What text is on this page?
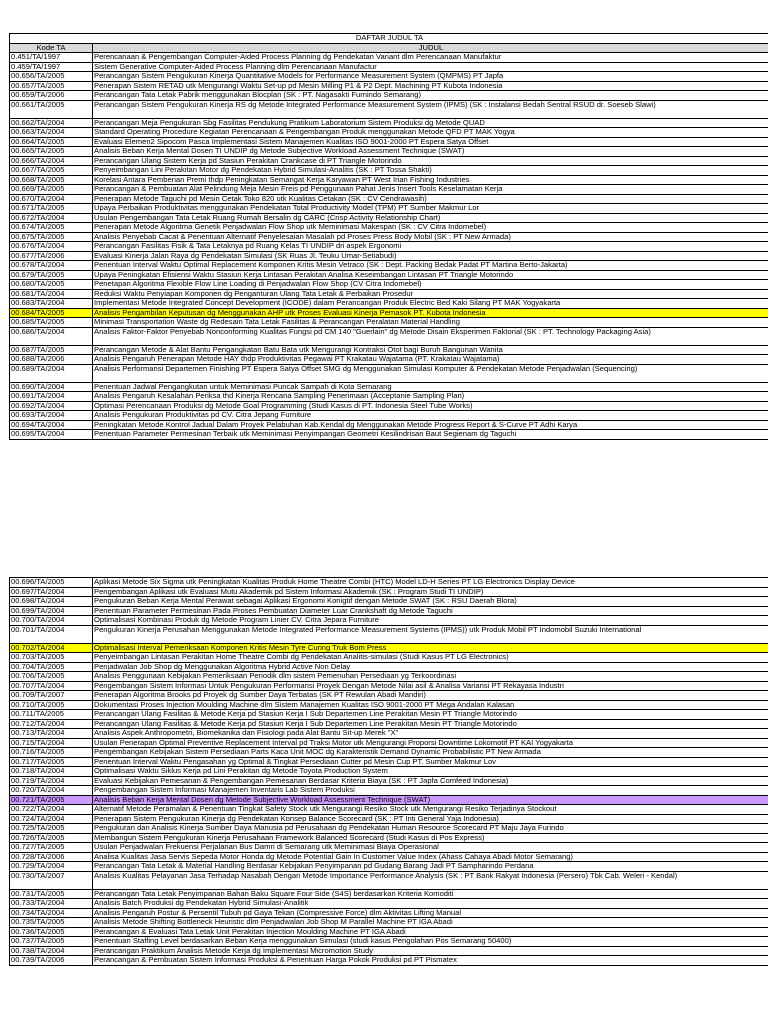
DAFTAR JUDUL TA
Kode TA	JUDUL
0.451/TA/1997	Perencanaan & Pengembangan Computer-Aided Process Planning dg Pendekatan Variant dlm Perencanaan Manufaktur
0.459/TA/1997	Sistem Generative Computer-Aided Process Planning dlm Perencanaan Manufactur
00.656/TA/2005	Perancangan Sistem Pengukuran Kinerja Quantitative Models for Performance Measurement System (QMPMS) PT Japfa
00.657/TA/2005	Penerapan Sistem RETAD utk Mengurangi Waktu Set-up pd Mesin Milling P1 & P2 Dept. Machining PT Kubota Indonesia
00.659/TA/2006	Perancangan Tata Letak Pabrik menggunakan Blocplan (SK : PT. Nagasakti Furnindo Semarang)
00.661/TA/2005	Perancangan Sistem Pengukuran Kinerja RS dg Metode Integrated Performance Measurement System (IPMS) (SK : Instalansi Bedah Sentral RSUD dr. Soeseb Slawi)
00.662/TA/2004	Perancangan Meja Pengukuran Sbg Fasilitas Pendukung Pratikum Laboratorium Sistem Produksi dg Metode QUAD
00.663/TA/2004	Standard Operating Procedure Kegiatan Perencanaan & Pengembangan Produk menggunakan Metode QFD PT MAK Yogya
00.664/TA/2005	Evaluasi Elemen2 Sipocom Pasca Implementasi Sistem Manajemen Kualitas ISO 9001-2000 PT Espera Satya Offset
00.665/TA/2005	Analisis Beban Kerja Mental Dosen TI UNDIP dg Metode Subjective Workload Assessment Technique (SWAT)
00.666/TA/2004	Perancangan Ulang Sistem Kerja pd Stasiun Perakitan Crankcase di PT Triangle Motorindo
00.667/TA/2005	Penyeimbangan Lini Perakitan Motor dg Pendekatan Hybrid Simulasi-Analitis (SK : PT Tossa Shakti)
00.668/TA/2005	Korelasi Antara Pemberian Premi thdp Peningkatan Semangat Kerja Karyawan PT West Irian Fishing Industries
00.669/TA/2005	Perancangan & Pembuatan Alat Pelindung Meja Mesin Freis pd Penggunaan Pahat Jenis Insert Tools Keselamatan Kerja
00.670/TA/2004	Penerapan Metode Taguchi pd Mesin Cetak Toko 820 utk Kualitas Cetakan (SK : CV Cendrawasih)
00.671/TA/2005	Upaya Perbaikan Produktivitas menggunakan Pendekatan Total Productivity Model (TPM) PT Sumber Makmur Lor
00.672/TA/2004	Usulan Pengembangan Tata Letak Ruang Rumah Bersalin dg CARC (Crisp Activity Relationship Chart)
00.674/TA/2005	Penerapan Metode Algoritma Genetik Penjadwalan Flow Shop utk Meminimasi Makespan (SK : CV Citra Indomebel)
00.675/TA/2005	Analisis Penyebab Cacat & Penentuan Alternatif Penyelesaian Masalah pd Proses Press Body Mobil (SK : PT New Armada)
00.676/TA/2004	Perancangan Fasilitas Fisik & Tata Letaknya pd Ruang Kelas TI UNDIP dri aspek Ergonomi
00.677/TA/2006	Evaluasi Kinerja Jalan Raya dg Pendekatan Simulasi (SK Ruas Jl. Teuku Umar-Setiabudi)
00.678/TA/2004	Penentuan Interval Waktu Optimal Replacement Komponen Kritis Mesin Vetraco (SK : Dept. Packing Bedak Padat PT Martina Berto-Jakarta)
00.679/TA/2005	Upaya Peningkatan Efisiensi Waktu Stasiun Kerja Lintasan Perakitan Analisa Keseimbangan Lintasan PT Triangle Motorindo
00.680/TA/2005	Penetapan Algoritma Flexible Flow Line Loading di Penjadwalan Flow Shop (CV Citra Indomebel)
00.681/TA/2004	Reduksi Waktu Penyiapan Komponen dg Penganturan Ulang Tata Letak & Perbaikan Prosedur
00.683/TA/2004	Implementasi Metode Integrated Concept Development (ICODE) dalam Perancangan Produk Electric Bed Kaki Silang PT MAK Yogyakarta
00.684/TA/2005	Analisis Pengambilan Keputusan dg Menggunakan AHP utk Proses Evaluasi Kinerja Pemasok PT. Kubota Indonesia
00.685/TA/2005	Minimasi Transportation Waste dg Redesain Tata Letak Fasilitas & Perancangan Peralatan Material Handling
00.686/TA/2004	Analisis Faktor-Faktor Penyebab Nonconforming Kualitas Fungsi pd CM 140 "Guerlain" dg Metode Disain Eksperimen Faktorial (SK : PT. Technology Packaging Asia)
00.687/TA/2005	Perancangan Metode & Alat Bantu Pengangkatan Batu Bata utk Mengurangi Kontraksi Otot bagi Buruh Bangunan Wanita
00.688/TA/2006	Analisis Pengaruh Penerapan Metode HAY thdp Produktivitas Pegawai PT Krakatau Wajatama (PT. Krakatau Wajatama)
00.689/TA/2004	Analisis Performansi Departemen Finishing PT Espera Satya Offset SMG dg Menggunakan Simulasi Komputer & Pendekatan Metode Penjadwalan (Sequencing)
00.690/TA/2004	Penentuan Jadwal Pengangkutan untuk Meminimasi Puncak Sampah di Kota Semarang
00.691/TA/2004	Analisis Pengaruh Kesalahan Periksa thd Kinerja Rencana Sampling Penerimaan (Acceptanie Sampling Plan)
00.692/TA/2004	Optimasi Perencanaan Produksi dg Metode Goal Programming (Studi Kasus di PT. Indonesia Steel Tube Works)
00.693/TA/2004	Analisis Pengukuran Produktivitas pd CV. Citra Jepang Furniture
00.694/TA/2004	Peningkatan Metode Kontrol Jadual Dalam Proyek Pelabuhan Kab.Kendal dg Menggunakan Metode Progress Report & S-Curve PT Adhi Karya
00.695/TA/2004	Penentuan Parameter Permesinan Terbaik utk Meminimasi Penyimpangan Geometri Kesilindrisan Baut Segienam dg Taguchi
00.696/TA/2005	Aplikasi Metode Six Sigma utk Peningkatan Kualitas Produk Home Theatre Combi (HTC) Model LD-H Series PT LG Electronics Display Device
00.697/TA/2004	Pengembangan Aplikasi utk Evaluasi Mutu Akademik pd Sistem Informasi Akademik (SK : Program Studi TI UNDIP)
00.698/TA/2004	Pengukuran Beban Kerja Mental Perawat sebagai Aplikasi Ergonomi Konigtif dengan Metode SWAT (SK : RSU Daerah Blora)
00.699/TA/2004	Penentuan Parameter Permesinan Pada Proses Pembuatan Diameter Luar Crankshaft dg Metode Taguchi
00.700/TA/2004	Optimalisasi Kombinasi Produk dg Metode Program Linier CV. Citra Jepara Furniture
00.701/TA/2004	Pengukuran Kinerja Perusahan Menggunakan Metode Integrated Performance Measurement Systems (IPMS)) utk Produk Mobil PT Indomobil Suzuki International
00.702/TA/2004	Optimalisasi Interval Pemeriksaan Komponen Kritis Mesin Tyre Curing Truk Bom Press
00.703/TA/2005	Penyeimbangan Lintasan Perakitan Home Theatre Combi dg Pendekatan Analitis-simulasi (Studi Kasus PT LG Electronics)
00.704/TA/2005	Penjadwalan Job Shop dg Menggunakan Algoritma Hybrid Active Non Delay
00.706/TA/2005	Analisis Penggunaan Kebijakan Pemeriksaan Periodik dlm sistem Pemenuhan Persediaan yg Terkoordinasi
00.707/TA/2004	Pengembangan Sistem Informasi Untuk Pengukuran Performansi Proyek Dengan Metode Nilai asil & Analisa Variansi PT Rekayasa Industri
00.709/TA/2007	Penerapan Algoritma Brooks pd Proyek dg Sumber Daya Terbatas (SK PT Rewulan Abadi Mandiri)
00.710/TA/2005	Dokumentasi Proses Injection Moulding Machine dlm Sistem Manajemen Kualitas ISO 9001-2000 PT Mega Andalan Kalasan
00.711/TA/2005	Perancangan Ulang Fasilitas & Metode Kerja pd Stasiun Kerja I Sub Departemen Line Perakitan Mesin PT Triangle Motorindo
00.712/TA/2004	Perancangan Ulang Fasilitas & Metode Kerja pd Stasiun Kerja I Sub Departemen Line Perakitan Mesin PT Triangle Motorindo
00.713/TA/2004	Analisis Aspek Anthropometri, Biomekanika dan Fisiologi pada Alat Bantu Sit-up Merek "X"
00.715/TA/2004	Usulan Penerapan Optimal Preventive Replacement Interval pd Traksi Motor utk Mengurangi Proporsi Downtime Lokomotif PT KAI Yogyakarta
00.716/TA/2005	Pengembangan Kebijakan Sistem Persediaan Parts Kaca Unit MOC dg Karakteristik Demand Dynamic Probabilistic PT New Armada
00.717/TA/2005	Penentuan Interval Waktu Pengasahan yg Optimal & Tingkat Persediaan Cutter pd Mesin Cup PT. Sumber Makmur Lov
00.718/TA/2004	Optimalisasi Waktu Siklus Kerja pd Lini Perakitan dg Metode Toyota Production System
00.719/TA/2004	Evaluasi Kebijakan Pemesanan & Pengembangan Pemesanan Berdasar Kriteria Biaya (SK : PT Japfa Comfeed Indonesia)
00.720/TA/2004	Pengembangan Sistem Informasi Manajemen Inventaris Lab Sistem Produksi
00.721/TA/2005	Analisis Beban Kerja Mental Dosen dg Metode Subjective Workload Assessment Technique (SWAT)
00.722/TA/2004	Alternatif Metode Peramalan & Penentuan Tingkat Safety Stock utk Mengurangi Resiko Stock utk Mengurangi Resiko Terjadinya Stockout
00.724/TA/2004	Penerapan Sistem Pengukuran Kinerja dg Pendekatan Konsep Balance Scorecard (SK : PT Inti General Yaja Indonesia)
00.725/TA/2005	Pengukuran dan Analisis Kinerja Sumber Daya Manusia pd Perusahaan dg Pendekatan Human Resource Scorecard PT Maju Jaya Furindo
00.726/TA/2005	Membangun Sistem Pengukuran Kinerja Perusahaan Framework Balanced Scorecard (Studi Kasus di Pos Express)
00.727/TA/2005	Usulan Penjadwalan Frekuensi Perjalanan Bus Damri di Semarang utk Meminimasi Biaya Operasional
00.728/TA/2006	Analisa Kualitas Jasa Servis Sepeda Motor Honda dg Metode Potential Gain In Customer Value Index (Ahass Cahaya Abadi Motor Semarang)
00.729/TA/2004	Perancangan Tata Letak & Material Handling Berdasar Kebijakan Penyimpanan pd Gudang Barang Jadi PT Sampharindo Perdana
00.730/TA/2007	Analisis Kualitas Pelayanan Jasa Terhadap Nasabah Dengan Metode Importance Performance Analysis (SK : PT Bank Rakyat Indonesia (Persero) Tbk Cab. Weleri - Kendal)
00.731/TA/2005	Perancangan Tata Letak Penyimpanan Bahan Baku Square Four Side (S4S) berdasarkan Kriteria Komoditi
00.733/TA/2004	Analisis Batch Produksi dg Pendekatan Hybrid Simulasi-Analitik
00.734/TA/2004	Analisis Pengaruh Postur & Persentil Tubuh pd Gaya Tekan (Compressive Force) dlm Aktivitas Lifting Manual
00.735/TA/2005	Analisis Metode Shifting Bottleneck Heuristic dlm Penjadwalan Job Shop M Parallel Machine PT IGA Abadi
00.736/TA/2005	Perancangan & Evaluasi Tata Letak Unit Perakitan Injection Moulding Machine PT IGA Abadi
00.737/TA/2005	Penentuan Staffing Level berdasarkan Beban Kerja menggunakan Simulasi (studi kasus Pengolahan Pos Semarang 50400)
00.738/TA/2004	Perancangan Praktikum Analisis Metode Kerja dg Implementasi Micromotion Study
00.739/TA/2006	Perancangan & Pembuatan Sistem Informasi Produksi & Penentuan Harga Pokok Produksi pd PT Pismatex
